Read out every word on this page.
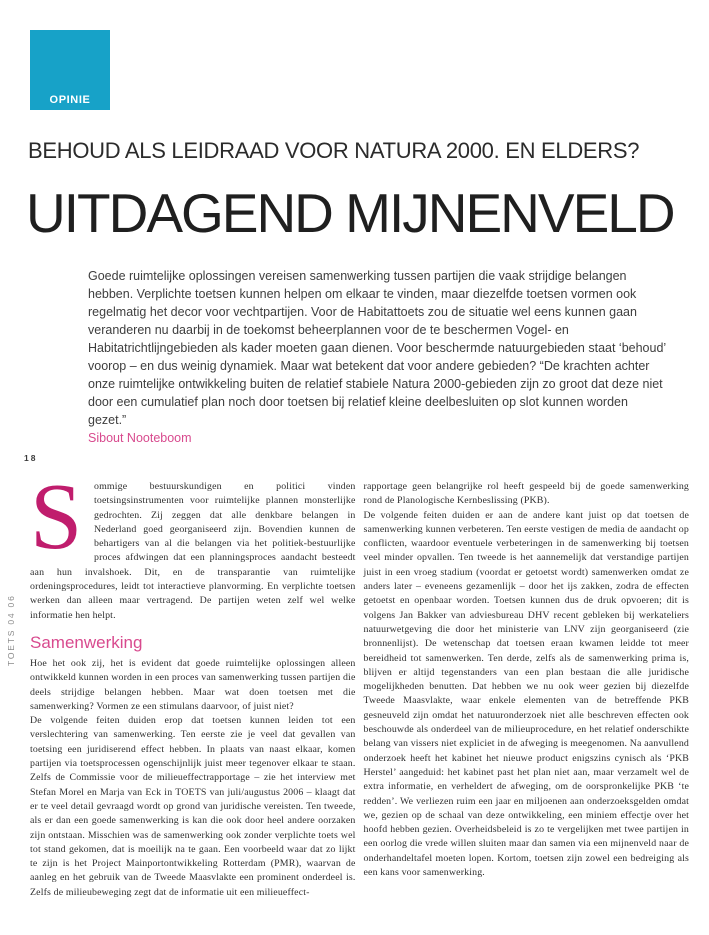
OPINIE
BEHOUD ALS LEIDRAAD VOOR NATURA 2000. EN ELDERS?
UITDAGEND MIJNENVELD
Goede ruimtelijke oplossingen vereisen samenwerking tussen partijen die vaak strijdige belangen hebben. Verplichte toetsen kunnen helpen om elkaar te vinden, maar diezelfde toetsen vormen ook regelmatig het decor voor vechtpartijen. Voor de Habitattoets zou de situatie wel eens kunnen gaan veranderen nu daarbij in de toekomst beheerplannen voor de te beschermen Vogel- en Habitatrichtlijngebieden als kader moeten gaan dienen. Voor beschermde natuurgebieden staat ‘behoud’ voorop – en dus weinig dynamiek. Maar wat betekent dat voor andere gebieden? “De krachten achter onze ruimtelijke ontwikkeling buiten de relatief stabiele Natura 2000-gebieden zijn zo groot dat deze niet door een cumulatief plan noch door toetsen bij relatief kleine deelbesluiten op slot kunnen worden gezet.”
Sibout Nooteboom
18
TOETS 04 06

S	ommige bestuurskundigen en politici vinden toetsingsinstrumenten voor ruimtelijke plannen monsterlijke gedrochten. Zij zeggen dat alle denkbare belangen in Nederland goed georganiseerd zijn. Bovendien kunnen de behartigers van al die belangen via het politiek-bestuurlijke proces afdwingen dat een planningsproces aandacht besteedt aan hun invalshoek. Dit, en de transparantie van ruimtelijke ordeningsprocedures, leidt tot interactieve planvorming. En verplichte toetsen werken dan alleen maar vertragend. De partijen weten zelf wel welke informatie hen helpt.

Samenwerking

Hoe het ook zij, het is evident dat goede ruimtelijke oplossingen alleen ontwikkeld kunnen worden in een proces van samenwerking tussen partijen die deels strijdige belangen hebben. Maar wat doen toetsen met die samenwerking? Vormen ze een stimulans daarvoor, of juist niet?

De volgende feiten duiden erop dat toetsen kunnen leiden tot een verslechtering van samenwerking. Ten eerste zie je veel dat gevallen van toetsing een juridiserend effect hebben. In plaats van naast elkaar, komen partijen via toetsprocessen ogenschijnlijk juist meer tegenover elkaar te staan. Zelfs de Commissie voor de milieueffectrapportage – zie het interview met Stefan Morel en Marja van Eck in TOETS van juli/augustus 2006 – klaagt dat er te veel detail gevraagd wordt op grond van juridische vereisten. Ten tweede, als er dan een goede samenwerking is kan die ook door heel andere oorzaken zijn ontstaan. Misschien was de samenwerking ook zonder verplichte toets wel tot stand gekomen, dat is moeilijk na te gaan. Een voorbeeld waar dat zo lijkt te zijn is het Project Mainportontwikkeling Rotterdam (PMR), waarvan de aanleg en het gebruik van de Tweede Maasvlakte een prominent onderdeel is. Zelfs de milieubeweging zegt dat de informatie uit een milieueffect-

rapportage geen belangrijke rol heeft gespeeld bij de goede samenwerking rond de Planologische Kernbeslissing (PKB).

De volgende feiten duiden er aan de andere kant juist op dat toetsen de samenwerking kunnen verbeteren. Ten eerste vestigen de media de aandacht op conflicten, waardoor eventuele verbeteringen in de samenwerking bij toetsen veel minder opvallen. Ten tweede is het aannemelijk dat verstandige partijen juist in een vroeg stadium (voordat er getoetst wordt) samenwerken omdat ze anders later – eveneens gezamenlijk – door het ijs zakken, zodra de effecten getoetst en openbaar worden. Toetsen kunnen dus de druk opvoeren; dit is volgens Jan Bakker van adviesbureau DHV recent gebleken bij werkateliers natuurwetgeving die door het ministerie van LNV zijn georganiseerd (zie bronnenlijst). De wetenschap dat toetsen eraan kwamen leidde tot meer bereidheid tot samenwerken. Ten derde, zelfs als de samenwerking prima is, blijven er altijd tegenstanders van een plan bestaan die alle juridische mogelijkheden benutten. Dat hebben we nu ook weer gezien bij diezelfde Tweede Maasvlakte, waar enkele elementen van de betreffende PKB gesneuveld zijn omdat het natuuronderzoek niet alle beschreven effecten ook beschouwde als onderdeel van de milieuprocedure, en het relatief onderschikte belang van vissers niet expliciet in de afweging is meegenomen. Na aanvullend onderzoek heeft het kabinet het nieuwe product enigszins cynisch als ‘PKB Herstel’ aangeduid: het kabinet past het plan niet aan, maar verzamelt wel de extra informatie, en verheldert de afweging, om de oorspronkelijke PKB ‘te redden’. We verliezen ruim een jaar en miljoenen aan onderzoeksgelden omdat we, gezien op de schaal van deze ontwikkeling, een miniem effectje over het hoofd hebben gezien. Overheidsbeleid is zo te vergelijken met twee partijen in een oorlog die vrede willen sluiten maar dan samen via een mijnenveld naar de onderhandeltafel moeten lopen. Kortom, toetsen zijn zowel een bedreiging als een kans voor samenwerking.
